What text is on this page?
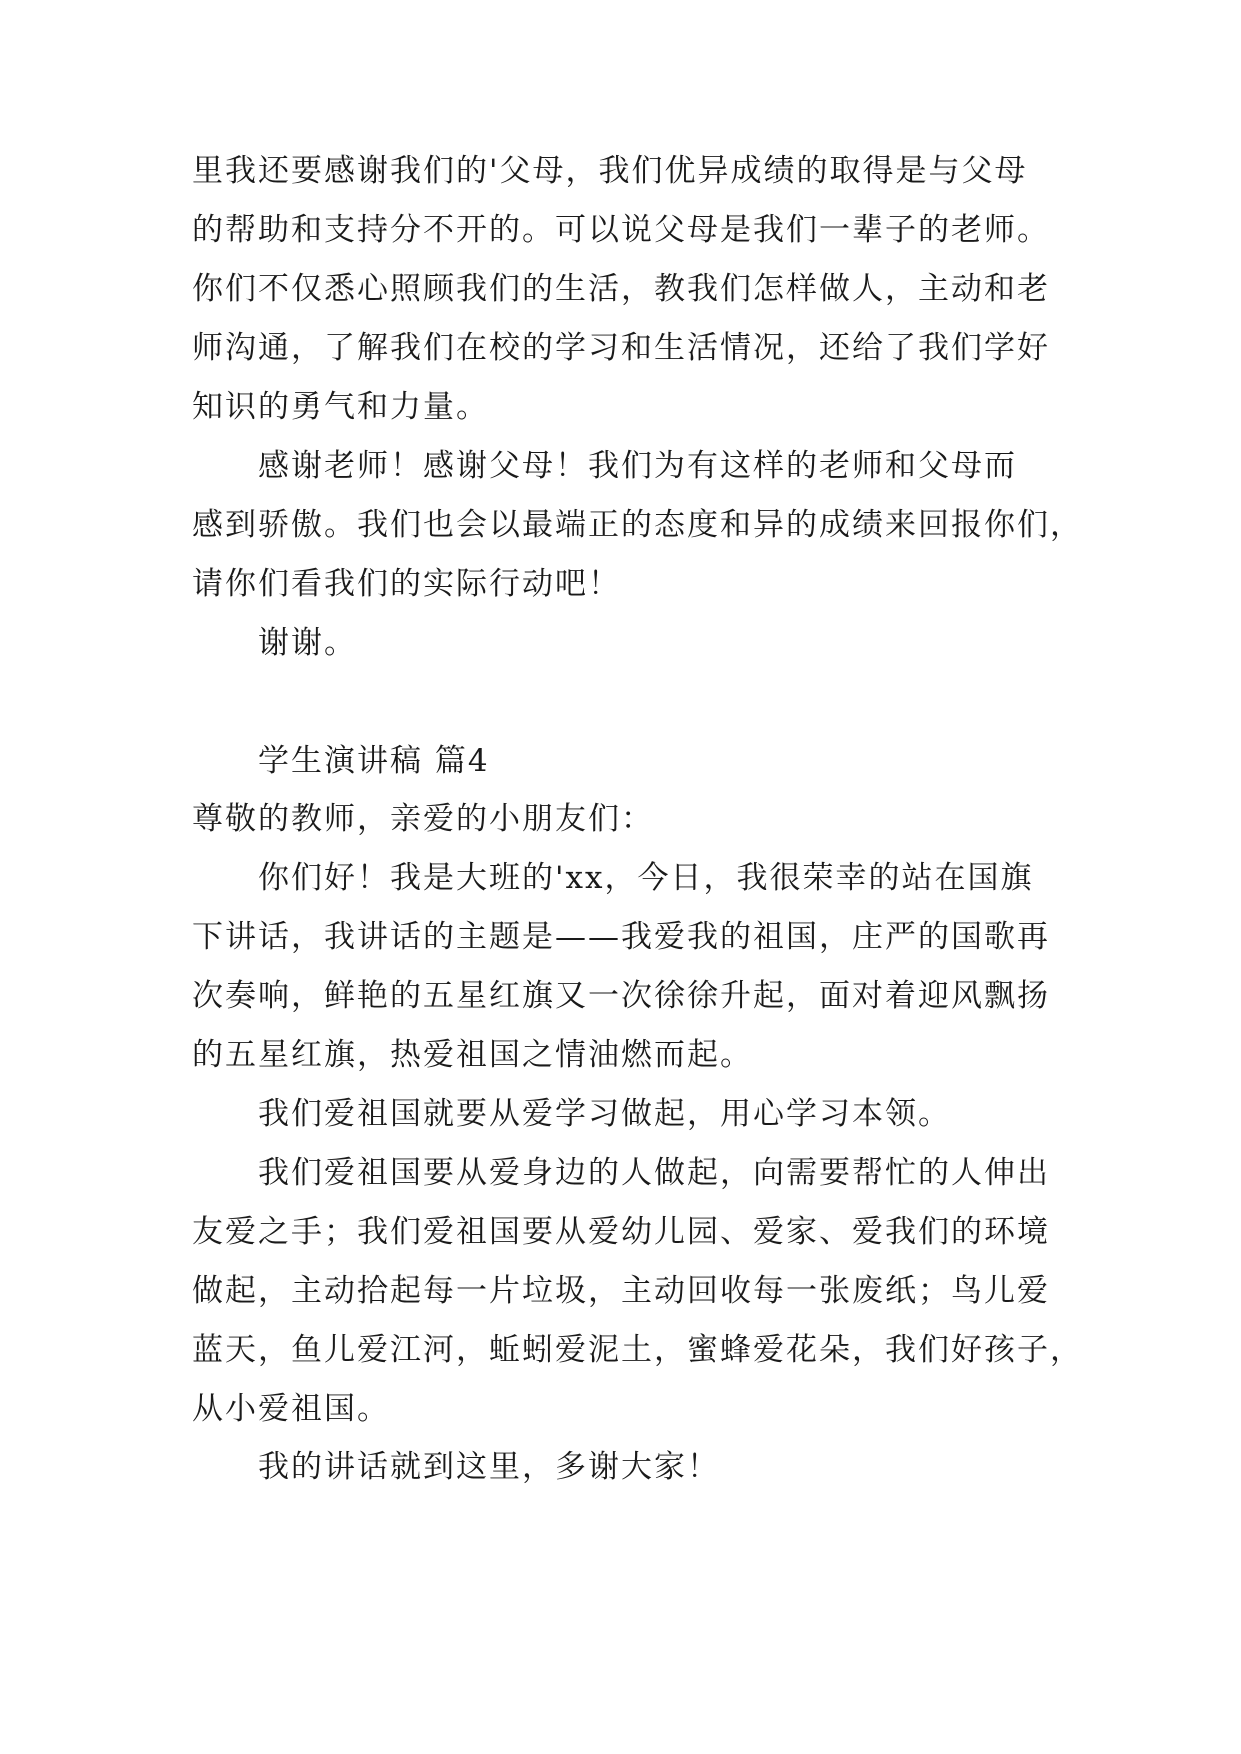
里我还要感谢我们的'父母，我们优异成绩的取得是与父母
的帮助和支持分不开的。可以说父母是我们一辈子的老师。
你们不仅悉心照顾我们的生活，教我们怎样做人，主动和老
师沟通，了解我们在校的学习和生活情况，还给了我们学好
知识的勇气和力量。
感谢老师！感谢父母！我们为有这样的老师和父母而
感到骄傲。我们也会以最端正的态度和异的成绩来回报你们，
请你们看我们的实际行动吧！
谢谢。
学生演讲稿 篇4
尊敬的教师，亲爱的小朋友们：
你们好！我是大班的'xx，今日，我很荣幸的站在国旗
下讲话，我讲话的主题是——我爱我的祖国，庄严的国歌再
次奏响，鲜艳的五星红旗又一次徐徐升起，面对着迎风飘扬
的五星红旗，热爱祖国之情油燃而起。
我们爱祖国就要从爱学习做起，用心学习本领。
我们爱祖国要从爱身边的人做起，向需要帮忙的人伸出
友爱之手；我们爱祖国要从爱幼儿园、爱家、爱我们的环境
做起，主动拾起每一片垃圾，主动回收每一张废纸；鸟儿爱
蓝天，鱼儿爱江河，蚯蚓爱泥土，蜜蜂爱花朵，我们好孩子，
从小爱祖国。
我的讲话就到这里，多谢大家！
